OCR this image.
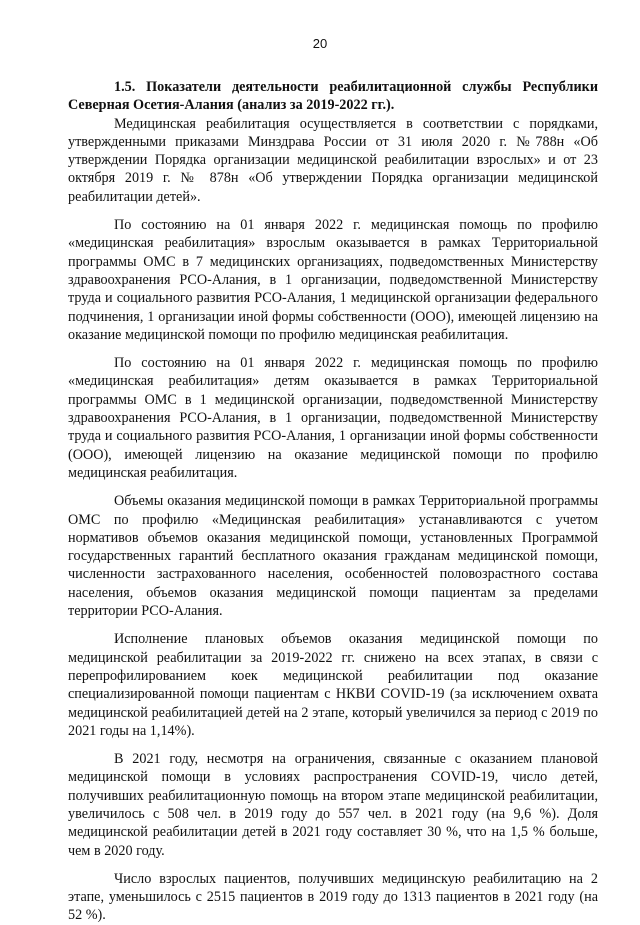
20

1.5. Показатели деятельности реабилитационной службы Республики Северная Осетия-Алания (анализ за 2019-2022 гг.).

Медицинская реабилитация осуществляется в соответствии с порядками, утвержденными приказами Минздрава России от 31 июля 2020 г. №788н «Об утверждении Порядка организации медицинской реабилитации взрослых» и от 23 октября 2019 г. № 878н «Об утверждении Порядка организации медицинской реабилитации детей».

По состоянию на 01 января 2022 г. медицинская помощь по профилю «медицинская реабилитация» взрослым оказывается в рамках Территориальной программы ОМС в 7 медицинских организациях, подведомственных Министерству здравоохранения РСО-Алания, в 1 организации, подведомственной Министерству труда и социального развития РСО-Алания, 1 медицинской организации федерального подчинения, 1 организации иной формы собственности (ООО), имеющей лицензию на оказание медицинской помощи по профилю медицинская реабилитация.

По состоянию на 01 января 2022 г. медицинская помощь по профилю «медицинская реабилитация» детям оказывается в рамках Территориальной программы ОМС в 1 медицинской организации, подведомственной Министерству здравоохранения РСО-Алания, в 1 организации, подведомственной Министерству труда и социального развития РСО-Алания, 1 организации иной формы собственности (ООО), имеющей лицензию на оказание медицинской помощи по профилю медицинская реабилитация.

Объемы оказания медицинской помощи в рамках Территориальной программы ОМС по профилю «Медицинская реабилитация» устанавливаются с учетом нормативов объемов оказания медицинской помощи, установленных Программой государственных гарантий бесплатного оказания гражданам медицинской помощи, численности застрахованного населения, особенностей половозрастного состава населения, объемов оказания медицинской помощи пациентам за пределами территории РСО-Алания.

Исполнение плановых объемов оказания медицинской помощи по медицинской реабилитации за 2019-2022 гг. снижено на всех этапах, в связи с перепрофилированием коек медицинской реабилитации под оказание специализированной помощи пациентам с НКВИ COVID-19 (за исключением охвата медицинской реабилитацией детей на 2 этапе, который увеличился за период с 2019 по 2021 годы на 1,14%).

В 2021 году, несмотря на ограничения, связанные с оказанием плановой медицинской помощи в условиях распространения COVID-19, число детей, получивших реабилитационную помощь на втором этапе медицинской реабилитации, увеличилось с 508 чел. в 2019 году до 557 чел. в 2021 году (на 9,6 %). Доля медицинской реабилитации детей в 2021 году составляет 30 %, что на 1,5 % больше, чем в 2020 году.

Число взрослых пациентов, получивших медицинскую реабилитацию на 2 этапе, уменьшилось с 2515 пациентов в 2019 году до 1313 пациентов в 2021 году (на 52 %).
